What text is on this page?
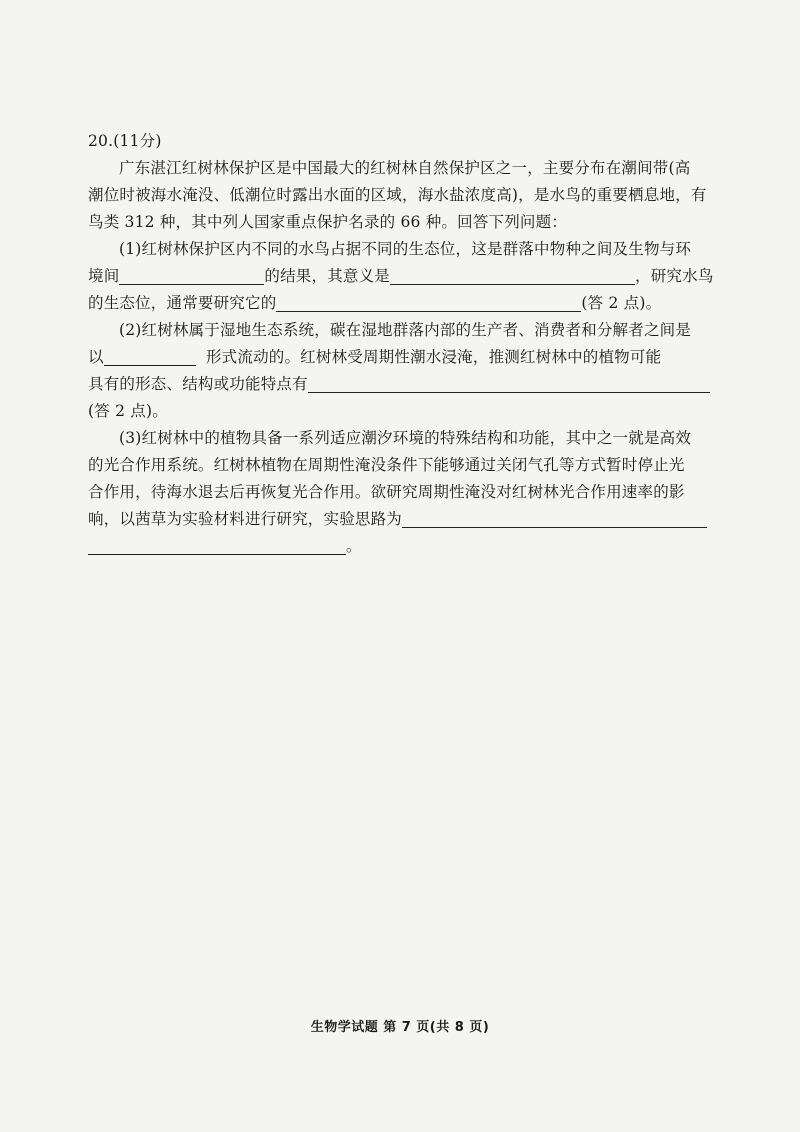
20.(11分)
广东湛江红树林保护区是中国最大的红树林自然保护区之一，主要分布在潮间带(高
潮位时被海水淹没、低潮位时露出水面的区域，海水盐浓度高)，是水鸟的重要栖息地，有
鸟类 312 种，其中列人国家重点保护名录的 66 种。回答下列问题：
(1)红树林保护区内不同的水鸟占据不同的生态位，这是群落中物种之间及生物与环
境间	的结果，其意义是	，研究水鸟
的生态位，通常要研究它的	(答 2 点)。
(2)红树林属于湿地生态系统，碳在湿地群落内部的生产者、消费者和分解者之间是
以	形式流动的。红树林受周期性潮水浸淹，推测红树林中的植物可能
具有的形态、结构或功能特点有
(答 2 点)。
(3)红树林中的植物具备一系列适应潮汐环境的特殊结构和功能，其中之一就是高效
的光合作用系统。红树林植物在周期性淹没条件下能够通过关闭气孔等方式暂时停止光
合作用，待海水退去后再恢复光合作用。欲研究周期性淹没对红树林光合作用速率的影
响，以茜草为实验材料进行研究，实验思路为
。
生物学试题 第 7 页(共 8 页)
